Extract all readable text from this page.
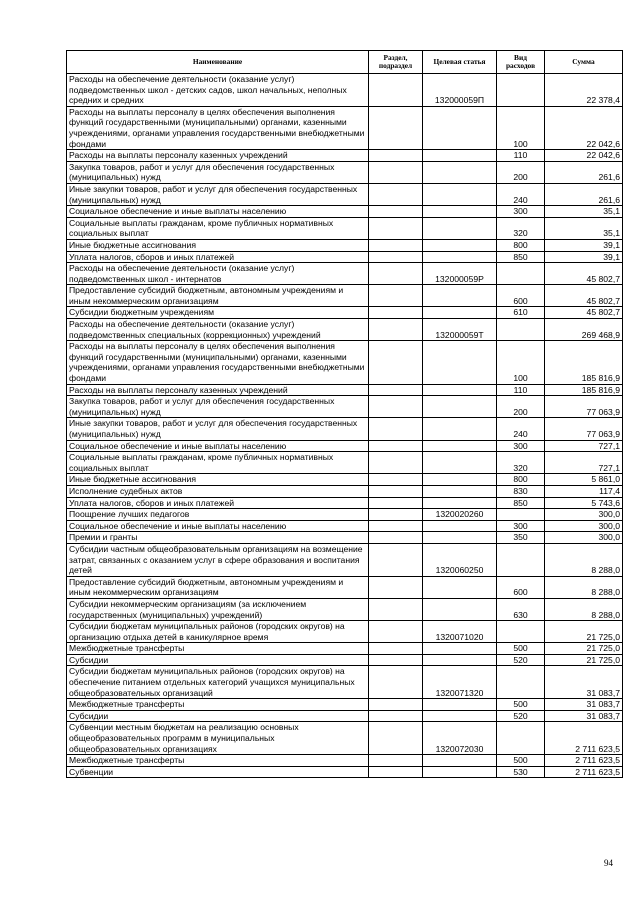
Наименование	Раздел, подраздел	Целевая статья	Вид расходов	Сумма
Расходы на обеспечение деятельности (оказание услуг) подведомственных школ - детских садов, школ начальных, неполных средних и средних		132000059П		22 378,4
Расходы на выплаты персоналу в целях обеспечения выполнения функций государственными (муниципальными) органами, казенными учреждениями, органами управления государственными внебюджетными фондами			100	22 042,6
Расходы на выплаты персоналу казенных учреждений			110	22 042,6
Закупка товаров, работ и услуг для обеспечения государственных (муниципальных) нужд			200	261,6
Иные закупки товаров, работ и услуг для обеспечения государственных (муниципальных) нужд			240	261,6
Социальное обеспечение и иные выплаты населению			300	35,1
Социальные выплаты гражданам, кроме публичных нормативных социальных выплат			320	35,1
Иные бюджетные ассигнования			800	39,1
Уплата налогов, сборов и иных платежей			850	39,1
Расходы на обеспечение деятельности (оказание услуг) подведомственных школ - интернатов		132000059Р		45 802,7
Предоставление субсидий бюджетным, автономным учреждениям и иным некоммерческим организациям			600	45 802,7
Субсидии бюджетным учреждениям			610	45 802,7
Расходы на обеспечение деятельности (оказание услуг) подведомственных специальных (коррекционных) учреждений		132000059Т		269 468,9
Расходы на выплаты персоналу в целях обеспечения выполнения функций государственными (муниципальными) органами, казенными учреждениями, органами управления государственными внебюджетными фондами			100	185 816,9
Расходы на выплаты персоналу казенных учреждений			110	185 816,9
Закупка товаров, работ и услуг для обеспечения государственных (муниципальных) нужд			200	77 063,9
Иные закупки товаров, работ и услуг для обеспечения государственных (муниципальных) нужд			240	77 063,9
Социальное обеспечение и иные выплаты населению			300	727,1
Социальные выплаты гражданам, кроме публичных нормативных социальных выплат			320	727,1
Иные бюджетные ассигнования			800	5 861,0
Исполнение судебных актов			830	117,4
Уплата налогов, сборов и иных платежей			850	5 743,6
Поощрение лучших педагогов		1320020260		300,0
Социальное обеспечение и иные выплаты населению			300	300,0
Премии и гранты			350	300,0
Субсидии частным общеобразовательным организациям на возмещение затрат, связанных с оказанием услуг в сфере образования и воспитания детей		1320060250		8 288,0
Предоставление субсидий бюджетным, автономным учреждениям и иным некоммерческим организациям			600	8 288,0
Субсидии некоммерческим организациям (за исключением государственных (муниципальных) учреждений)			630	8 288,0
Субсидии бюджетам муниципальных районов (городских округов) на организацию отдыха детей в каникулярное время		1320071020		21 725,0
Межбюджетные трансферты			500	21 725,0
Субсидии			520	21 725,0
Субсидии бюджетам муниципальных районов (городских округов) на обеспечение питанием отдельных категорий учащихся муниципальных общеобразовательных организаций		1320071320		31 083,7
Межбюджетные трансферты			500	31 083,7
Субсидии			520	31 083,7
Субвенции местным бюджетам на реализацию основных общеобразовательных программ в муниципальных общеобразовательных организациях		1320072030		2 711 623,5
Межбюджетные трансферты			500	2 711 623,5
Субвенции			530	2 711 623,5
94
